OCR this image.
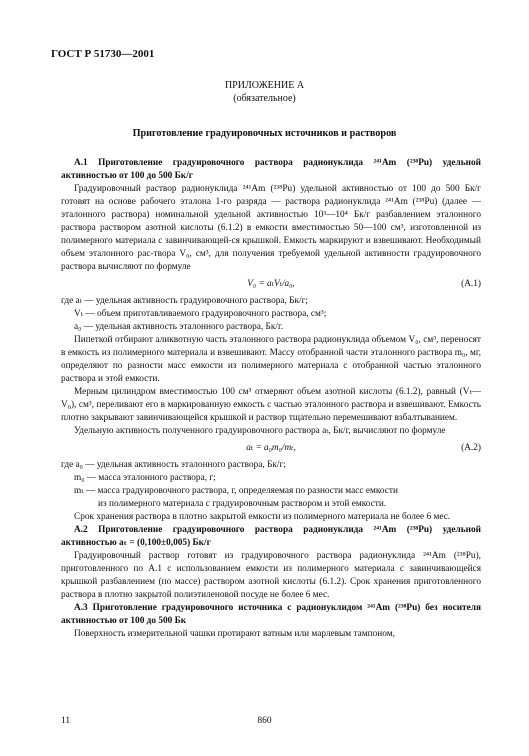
ГОСТ Р 51730—2001
ПРИЛОЖЕНИЕ А
(обязательное)
Приготовление градуировочных источников и растворов
А.1 Приготовление градуировочного раствора радионуклида ²⁴¹Am (²³⁸Pu) удельной активностью от 100 до 500 Бк/г

Градуировочный раствор радионуклида ²⁴¹Am (²³⁸Pu) удельной активностью от 100 до 500 Бк/г готовят на основе рабочего эталона 1-го разряда — раствора радионуклида ²⁴¹Am (²³⁸Pu) (далее — эталонного раствора) номинальной удельной активностью 10³—10⁴ Бк/г разбавлением эталонного раствора раствором азотной кислоты (6.1.2) в емкости вместимостью 50—100 см³, изготовленной из полимерного материала с завинчивающей-ся крышкой. Емкость маркируют и взвешивают. Необходимый объем эталонного рас-твора V₀, см³, для получения требуемой удельной активности градуировочного раствора вычисляют по формуле

V₀ = aₜVₜ/a₀,	(А.1)
где aₜ — удельная активность градуировочного раствора, Бк/г;
Vₜ — объем приготавливаемого градуировочного раствора, см³;
a₀ — удельная активность эталонного раствора, Бк/г.

Пипеткой отбирают аликвотную часть эталонного раствора радионуклида объемом V₀, см³, переносят в емкость из полимерного материала и взвешивают. Массу отобранной части эталонного раствора m₀, мг, определяют по разности масс емкости из полимерного материала с отобранной частью эталонного раствора и этой емкости.

Мерным цилиндром вместимостью 100 см³ отмеряют объем азотной кислоты (6.1.2), равный (Vₜ—V₀), см³, переливают его в маркированную емкость с частью эталонного раствора и взвешивают. Емкость плотно закрывают завинчивающейся крышкой и раствор тщательно перемешивают взбалтыванием.

Удельную активность полученного градуировочного раствора aₜ, Бк/г, вычисляют по формуле

aₜ = a₀m₀/mₜ,	(А.2)
где a₀ — удельная активность эталонного раствора, Бк/г;
m₀ — масса эталонного раствора, г;
mₜ — масса градуировочного раствора, г, определяемая по разности масс емкости
из полимерного материала с градуировочным раствором и этой емкости.

Срок хранения раствора в плотно закрытой емкости из полимерного материала не более 6 мес.

А.2 Приготовление градуировочного раствора радионуклида ²⁴¹Am (²³⁸Pu) удельной активностью aₜ = (0,100±0,005) Бк/г

Градуировочный раствор готовят из градуировочного раствора радионуклида ²⁴¹Am (²³⁸Pu), приготовленного по А.1 с использованием емкости из полимерного материала с завинчивающейся крышкой разбавлением (по массе) раствором азотной кислоты (6.1.2). Срок хранения приготовленного раствора в плотно закрытой полиэтиленовой посуде не более 6 мес.

А.3 Приготовление градуировочного источника с радионуклидом ²⁴¹Am (²³⁸Pu) без носителя активностью от 100 до 500 Бк

Поверхность измерительной чашки протирают ватным или марлевым тампоном,

11	860
